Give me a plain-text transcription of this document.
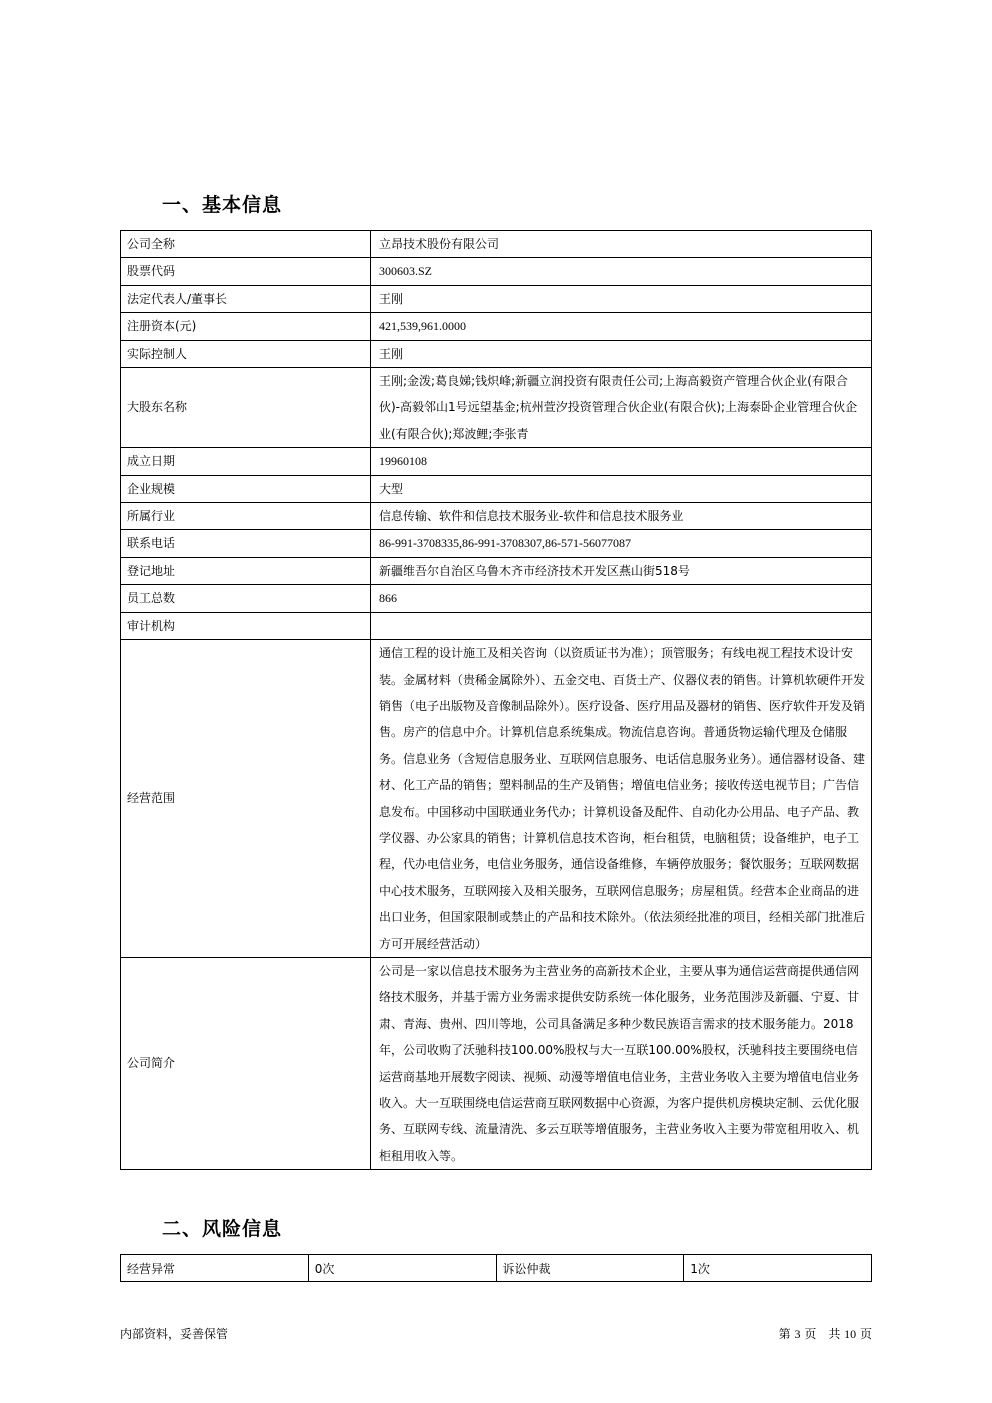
一、基本信息
公司全称	立昂技术股份有限公司
股票代码	300603.SZ
法定代表人/董事长	王刚
注册资本(元)	421,539,961.0000
实际控制人	王刚
大股东名称	王刚;金泼;葛良娣;钱炽峰;新疆立润投资有限责任公司;上海高毅资产管理合伙企业(有限合伙)-高毅邻山1号远望基金;杭州萱汐投资管理合伙企业(有限合伙);上海泰卧企业管理合伙企业(有限合伙);郑波鲤;李张青
成立日期	19960108
企业规模	大型
所属行业	信息传输、软件和信息技术服务业-软件和信息技术服务业
联系电话	86-991-3708335,86-991-3708307,86-571-56077087
登记地址	新疆维吾尔自治区乌鲁木齐市经济技术开发区燕山街518号
员工总数	866
审计机构	
经营范围	通信工程的设计施工及相关咨询（以资质证书为准）；顶管服务；有线电视工程技术设计安装。金属材料（贵稀金属除外）、五金交电、百货土产、仪器仪表的销售。计算机软硬件开发销售（电子出版物及音像制品除外）。医疗设备、医疗用品及器材的销售、医疗软件开发及销售。房产的信息中介。计算机信息系统集成。物流信息咨询。普通货物运输代理及仓储服务。信息业务（含短信息服务业、互联网信息服务、电话信息服务业务）。通信器材设备、建材、化工产品的销售；塑料制品的生产及销售；增值电信业务；接收传送电视节目；广告信息发布。中国移动中国联通业务代办；计算机设备及配件、自动化办公用品、电子产品、教学仪器、办公家具的销售；计算机信息技术咨询，柜台租赁，电脑租赁；设备维护，电子工程，代办电信业务，电信业务服务，通信设备维修，车辆停放服务；餐饮服务；互联网数据中心技术服务，互联网接入及相关服务，互联网信息服务；房屋租赁。经营本企业商品的进出口业务，但国家限制或禁止的产品和技术除外。（依法须经批准的项目，经相关部门批准后方可开展经营活动）
公司简介	公司是一家以信息技术服务为主营业务的高新技术企业，主要从事为通信运营商提供通信网络技术服务，并基于需方业务需求提供安防系统一体化服务，业务范围涉及新疆、宁夏、甘肃、青海、贵州、四川等地，公司具备满足多种少数民族语言需求的技术服务能力。2018年，公司收购了沃驰科技100.00%股权与大一互联100.00%股权，沃驰科技主要围绕电信运营商基地开展数字阅读、视频、动漫等增值电信业务，主营业务收入主要为增值电信业务收入。大一互联围绕电信运营商互联网数据中心资源，为客户提供机房模块定制、云优化服务、互联网专线、流量清洗、多云互联等增值服务，主营业务收入主要为带宽租用收入、机柜租用收入等。
二、风险信息
经营异常	0次	诉讼仲裁	1次
内部资料，妥善保管	第 3 页　共 10 页
